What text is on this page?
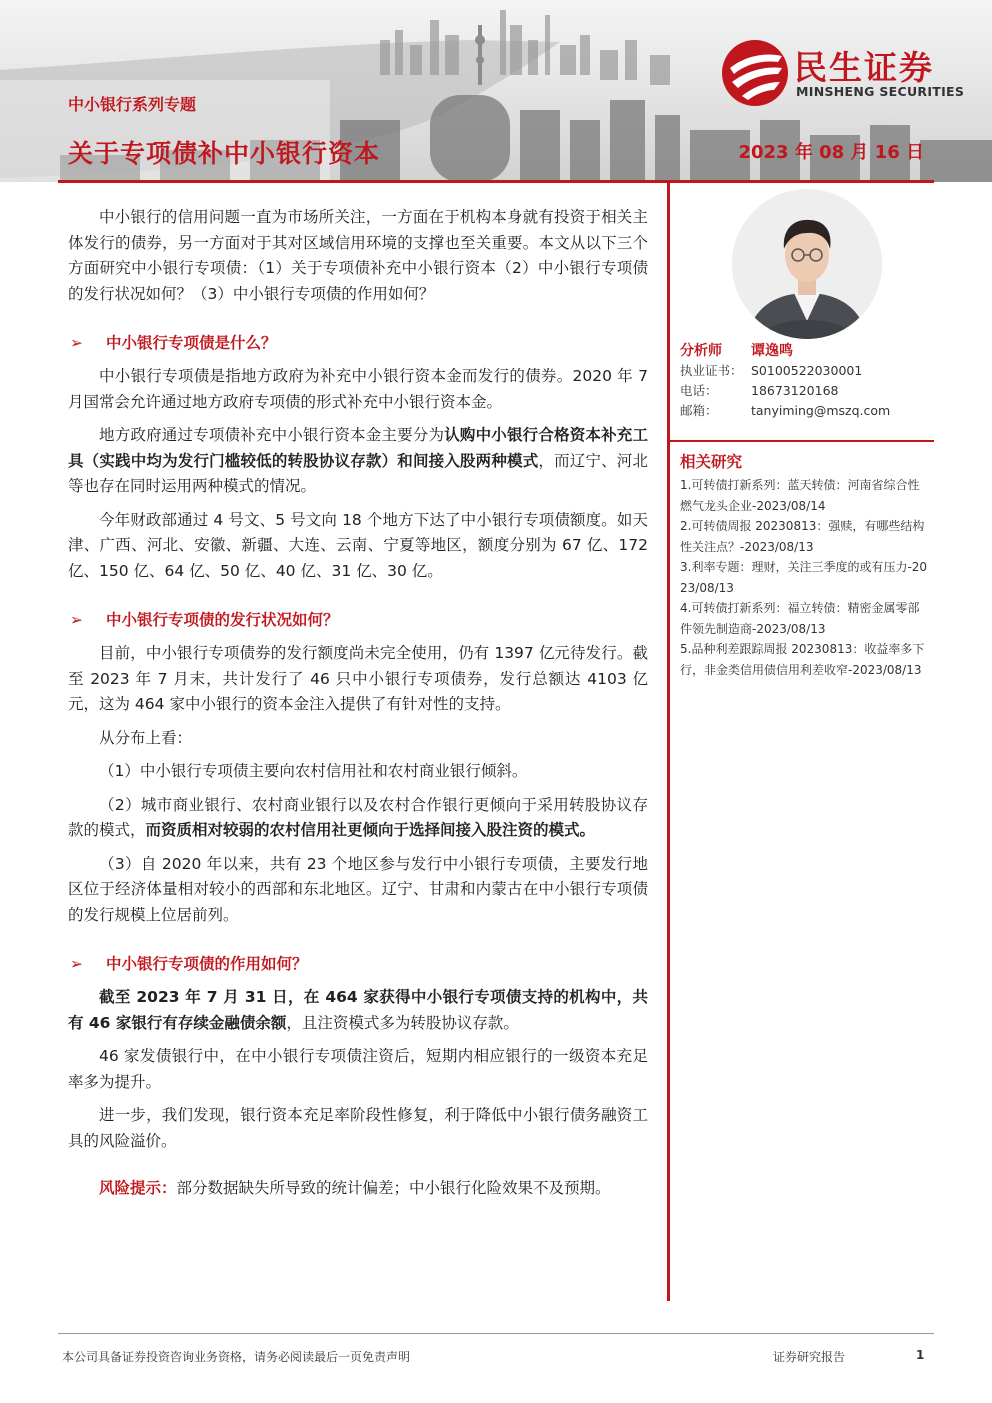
中小银行系列专题
关于专项债补中小银行资本	2023 年 08 月 16 日
民生证券
MINSHENG SECURITIES

中小银行的信用问题一直为市场所关注，一方面在于机构本身就有投资于相关主体发行的债券，另一方面对于其对区域信用环境的支撑也至关重要。本文从以下三个方面研究中小银行专项债：（1）关于专项债补充中小银行资本（2）中小银行专项债的发行状况如何？（3）中小银行专项债的作用如何？

➢ 中小银行专项债是什么？

中小银行专项债是指地方政府为补充中小银行资本金而发行的债券。2020 年 7 月国常会允许通过地方政府专项债的形式补充中小银行资本金。

地方政府通过专项债补充中小银行资本金主要分为认购中小银行合格资本补充工具（实践中均为发行门槛较低的转股协议存款）和间接入股两种模式，而辽宁、河北等也存在同时运用两种模式的情况。

今年财政部通过 4 号文、5 号文向 18 个地方下达了中小银行专项债额度。如天津、广西、河北、安徽、新疆、大连、云南、宁夏等地区，额度分别为 67 亿、172 亿、150 亿、64 亿、50 亿、40 亿、31 亿、30 亿。

➢ 中小银行专项债的发行状况如何？

目前，中小银行专项债券的发行额度尚未完全使用，仍有 1397 亿元待发行。截至 2023 年 7 月末，共计发行了 46 只中小银行专项债券，发行总额达 4103 亿元，这为 464 家中小银行的资本金注入提供了有针对性的支持。

从分布上看：

（1）中小银行专项债主要向农村信用社和农村商业银行倾斜。

（2）城市商业银行、农村商业银行以及农村合作银行更倾向于采用转股协议存款的模式，而资质相对较弱的农村信用社更倾向于选择间接入股注资的模式。

（3）自 2020 年以来，共有 23 个地区参与发行中小银行专项债，主要发行地区位于经济体量相对较小的西部和东北地区。辽宁、甘肃和内蒙古在中小银行专项债的发行规模上位居前列。

➢ 中小银行专项债的作用如何？

截至 2023 年 7 月 31 日，在 464 家获得中小银行专项债支持的机构中，共有 46 家银行有存续金融债余额，且注资模式多为转股协议存款。

46 家发债银行中，在中小银行专项债注资后，短期内相应银行的一级资本充足率多为提升。

进一步，我们发现，银行资本充足率阶段性修复，利于降低中小银行债务融资工具的风险溢价。

风险提示：部分数据缺失所导致的统计偏差；中小银行化险效果不及预期。

分析师	谭逸鸣
执业证书： S0100522030001
电话：	18673120168
邮箱：	tanyiming@mszq.com
相关研究
1.可转债打新系列：蓝天转债：河南省综合性燃气龙头企业-2023/08/14
2.可转债周报 20230813：强赎，有哪些结构性关注点？-2023/08/13
3.利率专题：理财，关注三季度的或有压力-2023/08/13
4.可转债打新系列：福立转债：精密金属零部件领先制造商-2023/08/13
5.品种利差跟踪周报 20230813：收益率多下行，非金类信用债信用利差收窄-2023/08/13
本公司具备证券投资咨询业务资格，请务必阅读最后一页免责声明	证券研究报告	1
